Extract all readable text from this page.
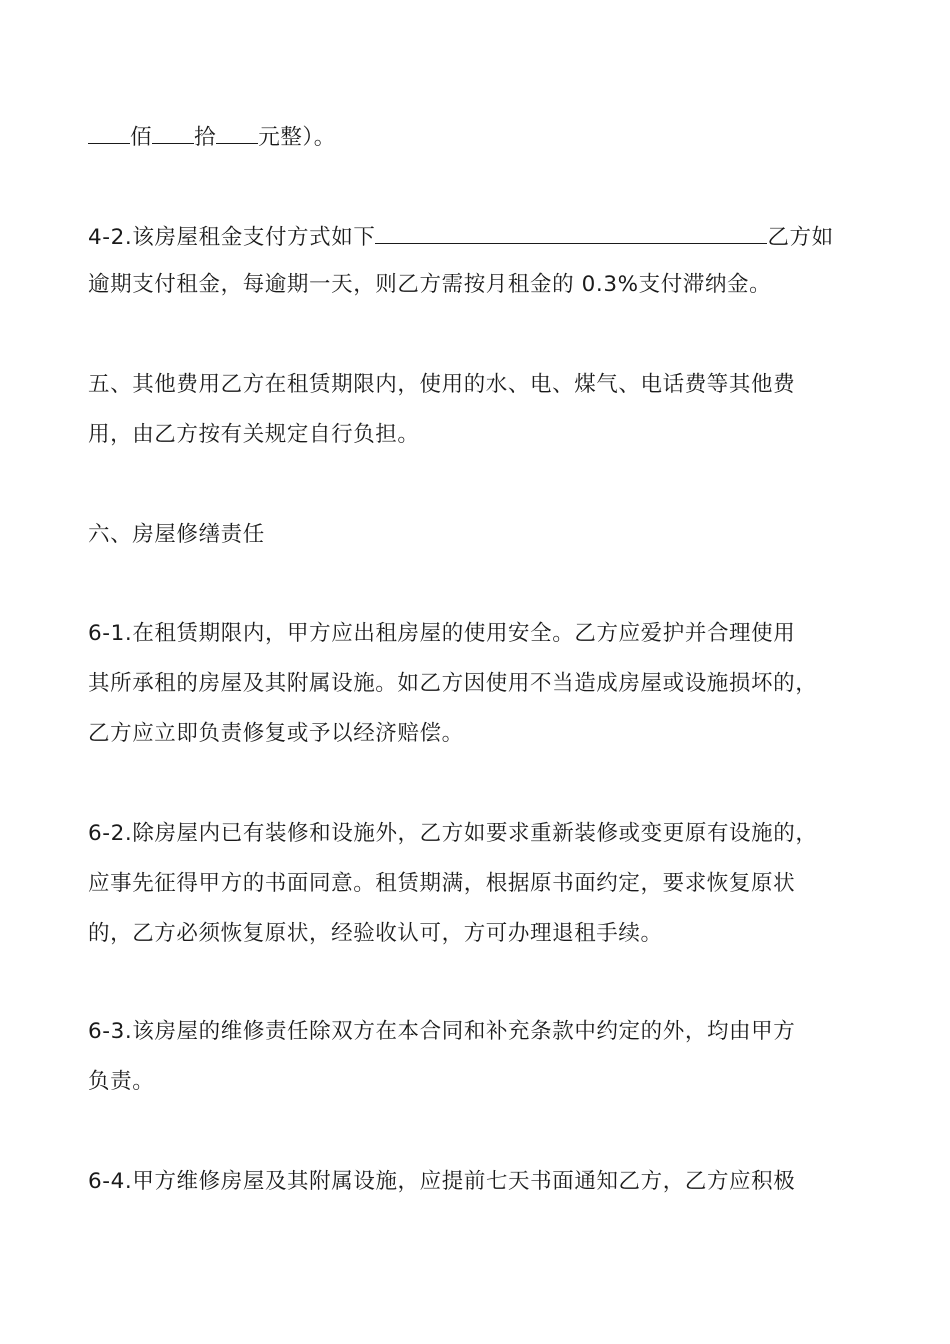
佰 拾 元整）。
4-2.该房屋租金支付方式如下	乙方如
逾期支付租金，每逾期一天，则乙方需按月租金的 0.3%支付滞纳金。
五、其他费用乙方在租赁期限内，使用的水、电、煤气、电话费等其他费
用，由乙方按有关规定自行负担。
六、房屋修缮责任
6-1.在租赁期限内，甲方应出租房屋的使用安全。乙方应爱护并合理使用
其所承租的房屋及其附属设施。如乙方因使用不当造成房屋或设施损坏的，
乙方应立即负责修复或予以经济赔偿。
6-2.除房屋内已有装修和设施外，乙方如要求重新装修或变更原有设施的，
应事先征得甲方的书面同意。租赁期满，根据原书面约定，要求恢复原状
的，乙方必须恢复原状，经验收认可，方可办理退租手续。
6-3.该房屋的维修责任除双方在本合同和补充条款中约定的外，均由甲方
负责。
6-4.甲方维修房屋及其附属设施，应提前七天书面通知乙方，乙方应积极
